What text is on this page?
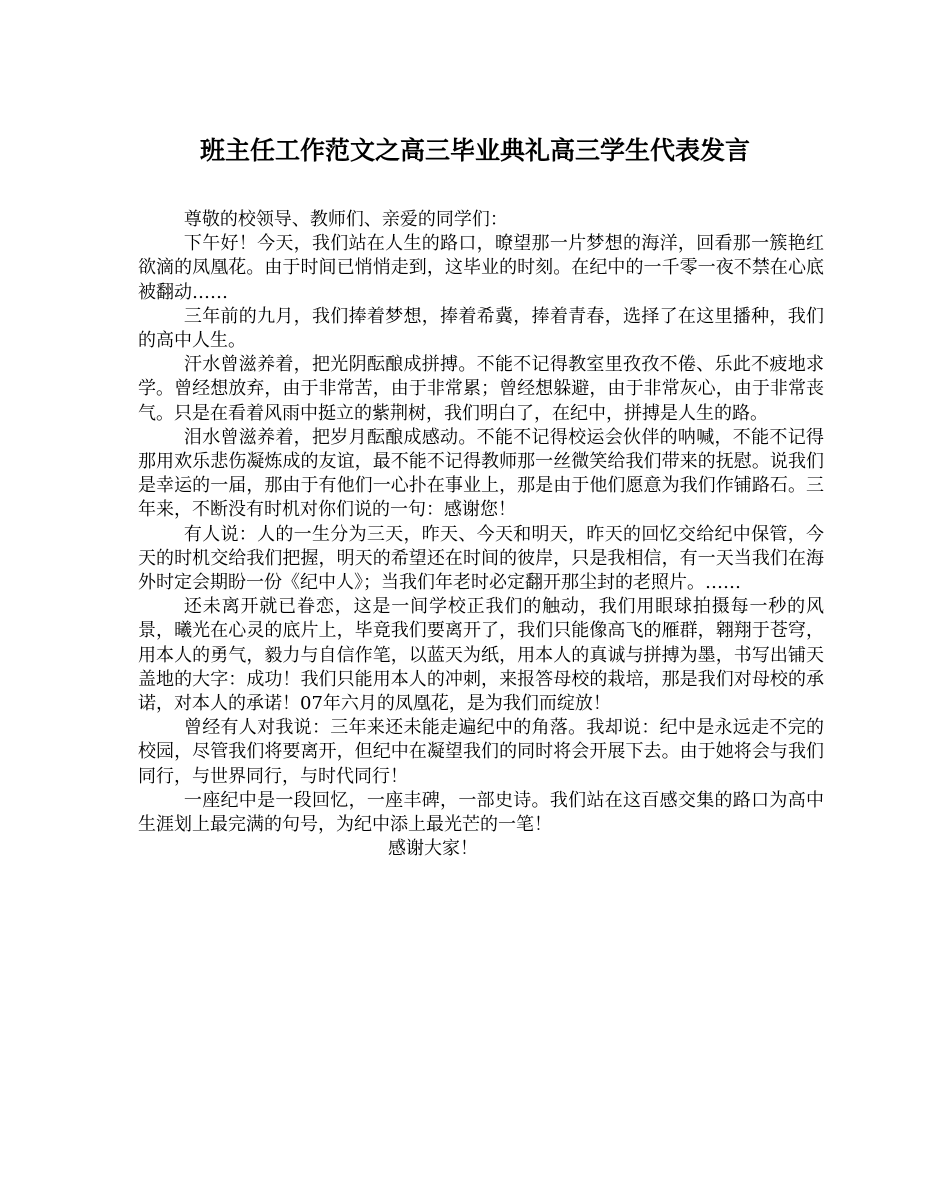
班主任工作范文之高三毕业典礼高三学生代表发言

尊敬的校领导、教师们、亲爱的同学们：

下午好！今天，我们站在人生的路口，暸望那一片梦想的海洋，回看那一簇艳红欲滴的凤凰花。由于时间已悄悄走到，这毕业的时刻。在纪中的一千零一夜不禁在心底被翻动……

三年前的九月，我们捧着梦想，捧着希冀，捧着青春，选择了在这里播种，我们的高中人生。

汗水曾滋养着，把光阴酝酿成拼搏。不能不记得教室里孜孜不倦、乐此不疲地求学。曾经想放弃，由于非常苦，由于非常累；曾经想躲避，由于非常灰心，由于非常丧气。只是在看着风雨中挺立的紫荆树，我们明白了，在纪中，拼搏是人生的路。

泪水曾滋养着，把岁月酝酿成感动。不能不记得校运会伙伴的呐喊，不能不记得那用欢乐悲伤凝炼成的友谊，最不能不记得教师那一丝微笑给我们带来的抚慰。说我们是幸运的一届，那由于有他们一心扑在事业上，那是由于他们愿意为我们作铺路石。三年来，不断没有时机对你们说的一句：感谢您！

有人说：人的一生分为三天，昨天、今天和明天，昨天的回忆交给纪中保管，今天的时机交给我们把握，明天的希望还在时间的彼岸，只是我相信，有一天当我们在海外时定会期盼一份《纪中人》；当我们年老时必定翻开那尘封的老照片。……

还未离开就已眷恋，这是一间学校正我们的触动，我们用眼球拍摄每一秒的风景，曦光在心灵的底片上，毕竟我们要离开了，我们只能像高飞的雁群，翱翔于苍穹，用本人的勇气，毅力与自信作笔，以蓝天为纸，用本人的真诚与拼搏为墨，书写出铺天盖地的大字：成功！我们只能用本人的冲刺，来报答母校的栽培，那是我们对母校的承诺，对本人的承诺！07年六月的凤凰花，是为我们而绽放！

曾经有人对我说：三年来还未能走遍纪中的角落。我却说：纪中是永远走不完的校园，尽管我们将要离开，但纪中在凝望我们的同时将会开展下去。由于她将会与我们同行，与世界同行，与时代同行！

一座纪中是一段回忆，一座丰碑，一部史诗。我们站在这百感交集的路口为高中生涯划上最完满的句号，为纪中添上最光芒的一笔！

感谢大家！
